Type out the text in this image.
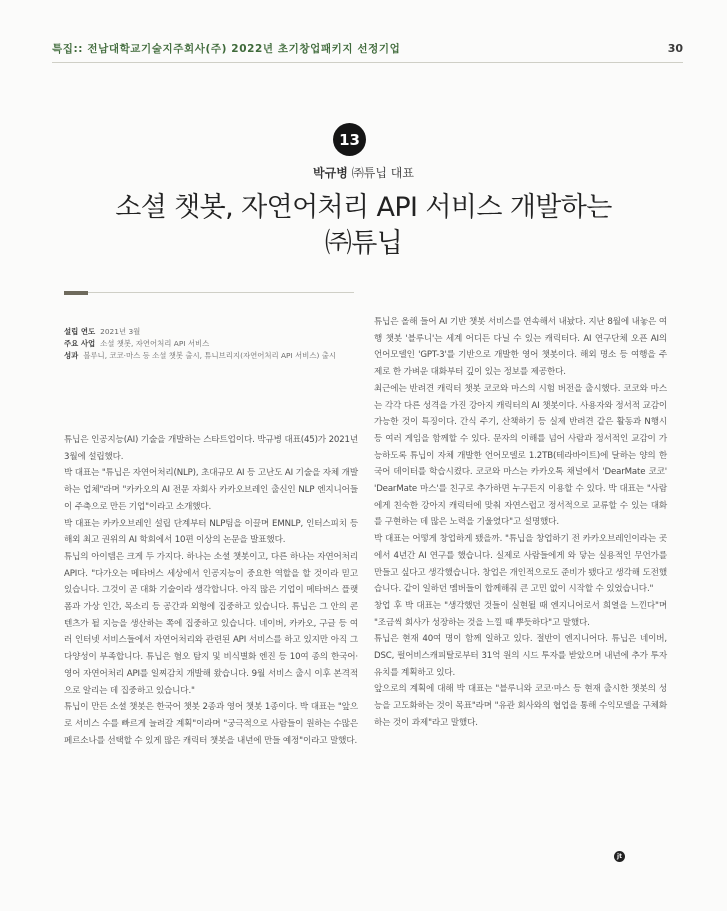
특집:: 전남대학교기술지주회사(주) 2022년 초기창업패키지 선정기업	30
13
박규병 ㈜튜닙 대표
소셜 챗봇, 자연어처리 API 서비스 개발하는
㈜튜닙
설립 연도 2021년 3월
주요 사업 소셜 챗봇, 자연어처리 API 서비스
성과 블루니, 코코·마스 등 소셜 챗봇 출시, 튜니브리지(자연어처리 API 서비스) 출시

튜닙은 인공지능(AI) 기술을 개발하는 스타트업이다. 박규병 대표(45)가 2021년 3월에 설립했다.

박 대표는 "튜닙은 자연어처리(NLP), 초대규모 AI 등 고난도 AI 기술을 자체 개발하는 업체"라며 "카카오의 AI 전문 자회사 카카오브레인 출신인 NLP 엔지니어들이 주축으로 만든 기업"이라고 소개했다.

박 대표는 카카오브레인 설립 단계부터 NLP팀을 이끌며 EMNLP, 인터스피치 등 해외 최고 권위의 AI 학회에서 10편 이상의 논문을 발표했다.

튜닙의 아이템은 크게 두 가지다. 하나는 소셜 챗봇이고, 다른 하나는 자연어처리 API다. "다가오는 메타버스 세상에서 인공지능이 중요한 역할을 할 것이라 믿고 있습니다. 그것이 곧 대화 기술이라 생각합니다. 아직 많은 기업이 메타버스 플랫폼과 가상 인간, 목소리 등 공간과 외형에 집중하고 있습니다. 튜닙은 그 안의 콘텐츠가 될 지능을 생산하는 쪽에 집중하고 있습니다. 네이버, 카카오, 구글 등 여러 인터넷 서비스들에서 자연어처리와 관련된 API 서비스를 하고 있지만 아직 그 다양성이 부족합니다. 튜닙은 혐오 탐지 및 비식별화 엔진 등 10여 종의 한국어·영어 자연어처리 API를 일찌감치 개발해 왔습니다. 9월 서비스 출시 이후 본격적으로 알리는 데 집중하고 있습니다."

튜닙이 만든 소셜 챗봇은 한국어 챗봇 2종과 영어 챗봇 1종이다. 박 대표는 "앞으로 서비스 수를 빠르게 늘려갈 계획"이라며 "궁극적으로 사람들이 원하는 수많은 페르소나를 선택할 수 있게 많은 캐릭터 챗봇을 내년에 만들 예정"이라고 말했다.

튜닙은 올해 들어 AI 기반 챗봇 서비스를 연속해서 내놨다. 지난 8월에 내놓은 여행 챗봇 '블루니'는 세계 어디든 다닐 수 있는 캐릭터다. AI 연구단체 오픈 AI의 언어모델인 'GPT-3'를 기반으로 개발한 영어 챗봇이다. 해외 명소 등 여행을 주제로 한 가벼운 대화부터 깊이 있는 정보를 제공한다.

최근에는 반려견 캐릭터 챗봇 코코와 마스의 시험 버전을 출시했다. 코코와 마스는 각각 다른 성격을 가진 강아지 캐릭터의 AI 챗봇이다. 사용자와 정서적 교감이 가능한 것이 특징이다. 간식 주기, 산책하기 등 실제 반려견 같은 활동과 N행시 등 여러 게임을 함께할 수 있다. 문자의 이해를 넘어 사람과 정서적인 교감이 가능하도록 튜닙이 자체 개발한 언어모델로 1.2TB(테라바이트)에 달하는 양의 한국어 데이터를 학습시켰다. 코코와 마스는 카카오톡 채널에서 'DearMate 코코' 'DearMate 마스'를 친구로 추가하면 누구든지 이용할 수 있다. 박 대표는 "사람에게 친숙한 강아지 캐릭터에 맞춰 자연스럽고 정서적으로 교류할 수 있는 대화를 구현하는 데 많은 노력을 기울였다"고 설명했다.

박 대표는 어떻게 창업하게 됐을까. "튜닙을 창업하기 전 카카오브레인이라는 곳에서 4년간 AI 연구를 했습니다. 실제로 사람들에게 와 닿는 실용적인 무언가를 만들고 싶다고 생각했습니다. 창업은 개인적으로도 준비가 됐다고 생각해 도전했습니다. 같이 일하던 멤버들이 합께해줘 큰 고민 없이 시작할 수 있었습니다."

창업 후 박 대표는 "생각했던 것들이 실현될 때 엔지니어로서 희열을 느낀다"며 "조금씩 회사가 성장하는 것을 느낄 때 뿌듯하다"고 말했다.

튜닙은 현재 40여 명이 함께 일하고 있다. 절반이 엔지니어다. 튜닙은 네이버, DSC, 펄어비스캐피탈로부터 31억 원의 시드 투자를 받았으며 내년에 추가 투자 유치를 계획하고 있다.

앞으로의 계획에 대해 박 대표는 "블루니와 코코·마스 등 현재 출시한 챗봇의 성능을 고도화하는 것이 목표"라며 "유관 회사와의 협업을 통해 수익모델을 구체화하는 것이 과제"라고 말했다.

jt
